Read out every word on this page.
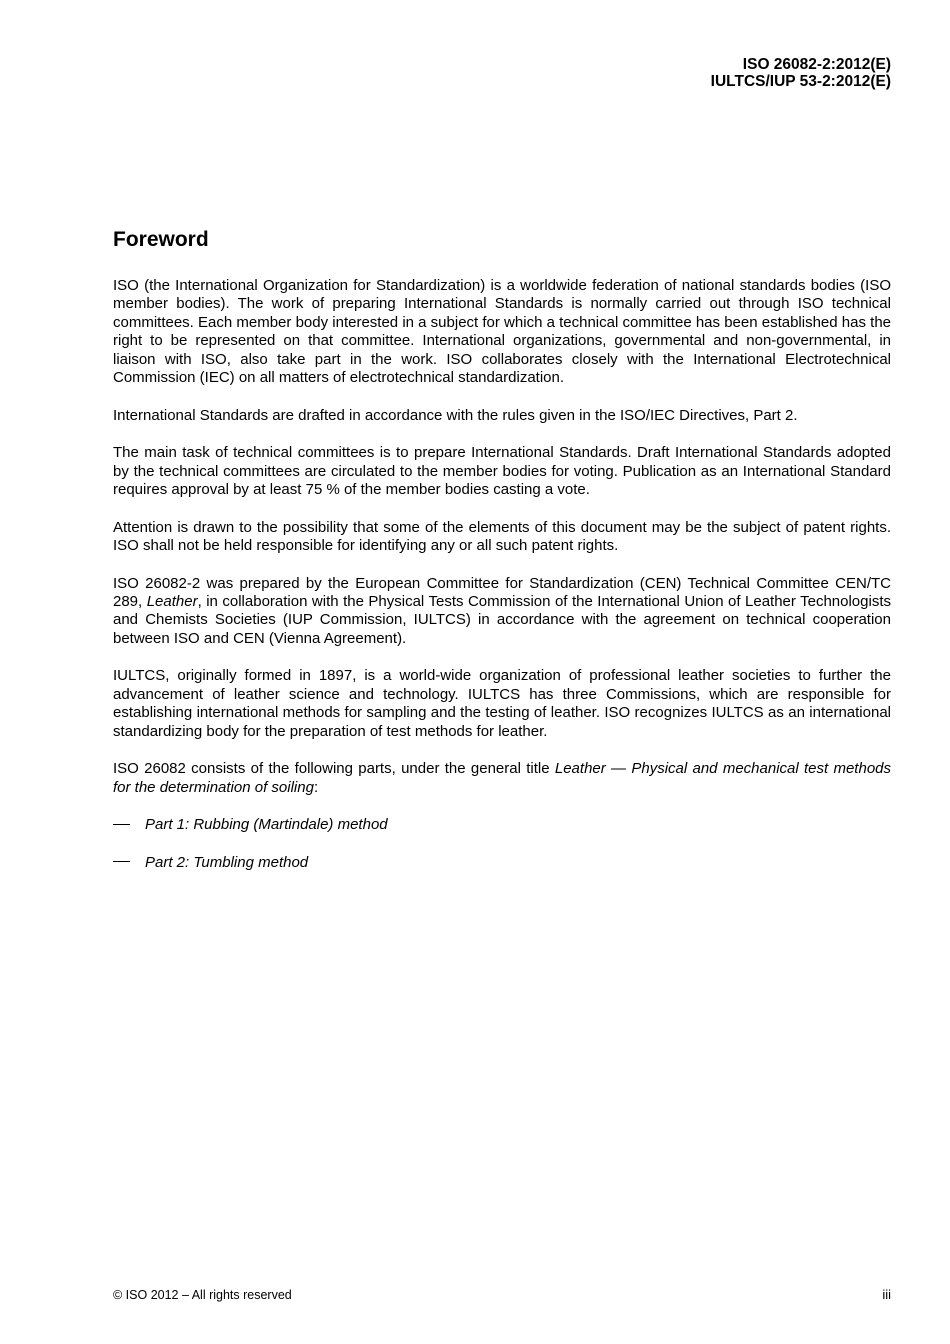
ISO 26082-2:2012(E)
IULTCS/IUP 53-2:2012(E)
Foreword

ISO (the International Organization for Standardization) is a worldwide federation of national standards bodies (ISO member bodies). The work of preparing International Standards is normally carried out through ISO technical committees. Each member body interested in a subject for which a technical committee has been established has the right to be represented on that committee. International organizations, governmental and non-governmental, in liaison with ISO, also take part in the work. ISO collaborates closely with the International Electrotechnical Commission (IEC) on all matters of electrotechnical standardization.

International Standards are drafted in accordance with the rules given in the ISO/IEC Directives, Part 2.

The main task of technical committees is to prepare International Standards. Draft International Standards adopted by the technical committees are circulated to the member bodies for voting. Publication as an International Standard requires approval by at least 75 % of the member bodies casting a vote.

Attention is drawn to the possibility that some of the elements of this document may be the subject of patent rights. ISO shall not be held responsible for identifying any or all such patent rights.

ISO 26082-2 was prepared by the European Committee for Standardization (CEN) Technical Committee CEN/TC 289, Leather, in collaboration with the Physical Tests Commission of the International Union of Leather Technologists and Chemists Societies (IUP Commission, IULTCS) in accordance with the agreement on technical cooperation between ISO and CEN (Vienna Agreement).

IULTCS, originally formed in 1897, is a world-wide organization of professional leather societies to further the advancement of leather science and technology. IULTCS has three Commissions, which are responsible for establishing international methods for sampling and the testing of leather. ISO recognizes IULTCS as an international standardizing body for the preparation of test methods for leather.

ISO 26082 consists of the following parts, under the general title Leather — Physical and mechanical test methods for the determination of soiling:

Part 1: Rubbing (Martindale) method
Part 2: Tumbling method
© ISO 2012 – All rights reserved	iii
